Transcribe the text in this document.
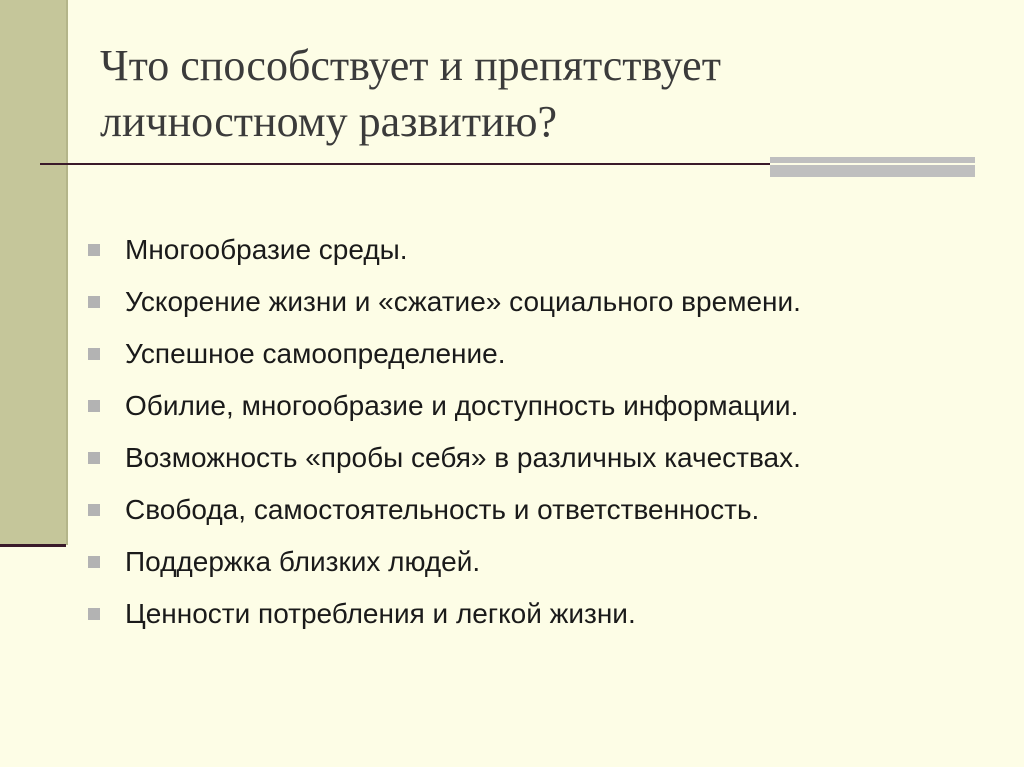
Что способствует и препятствует
личностному развитию?
Многообразие среды.
Ускорение жизни и «сжатие» социального времени.
Успешное самоопределение.
Обилие, многообразие и доступность информации.
Возможность «пробы себя» в различных качествах.
Свобода, самостоятельность и ответственность.
Поддержка близких людей.
Ценности потребления и легкой жизни.
